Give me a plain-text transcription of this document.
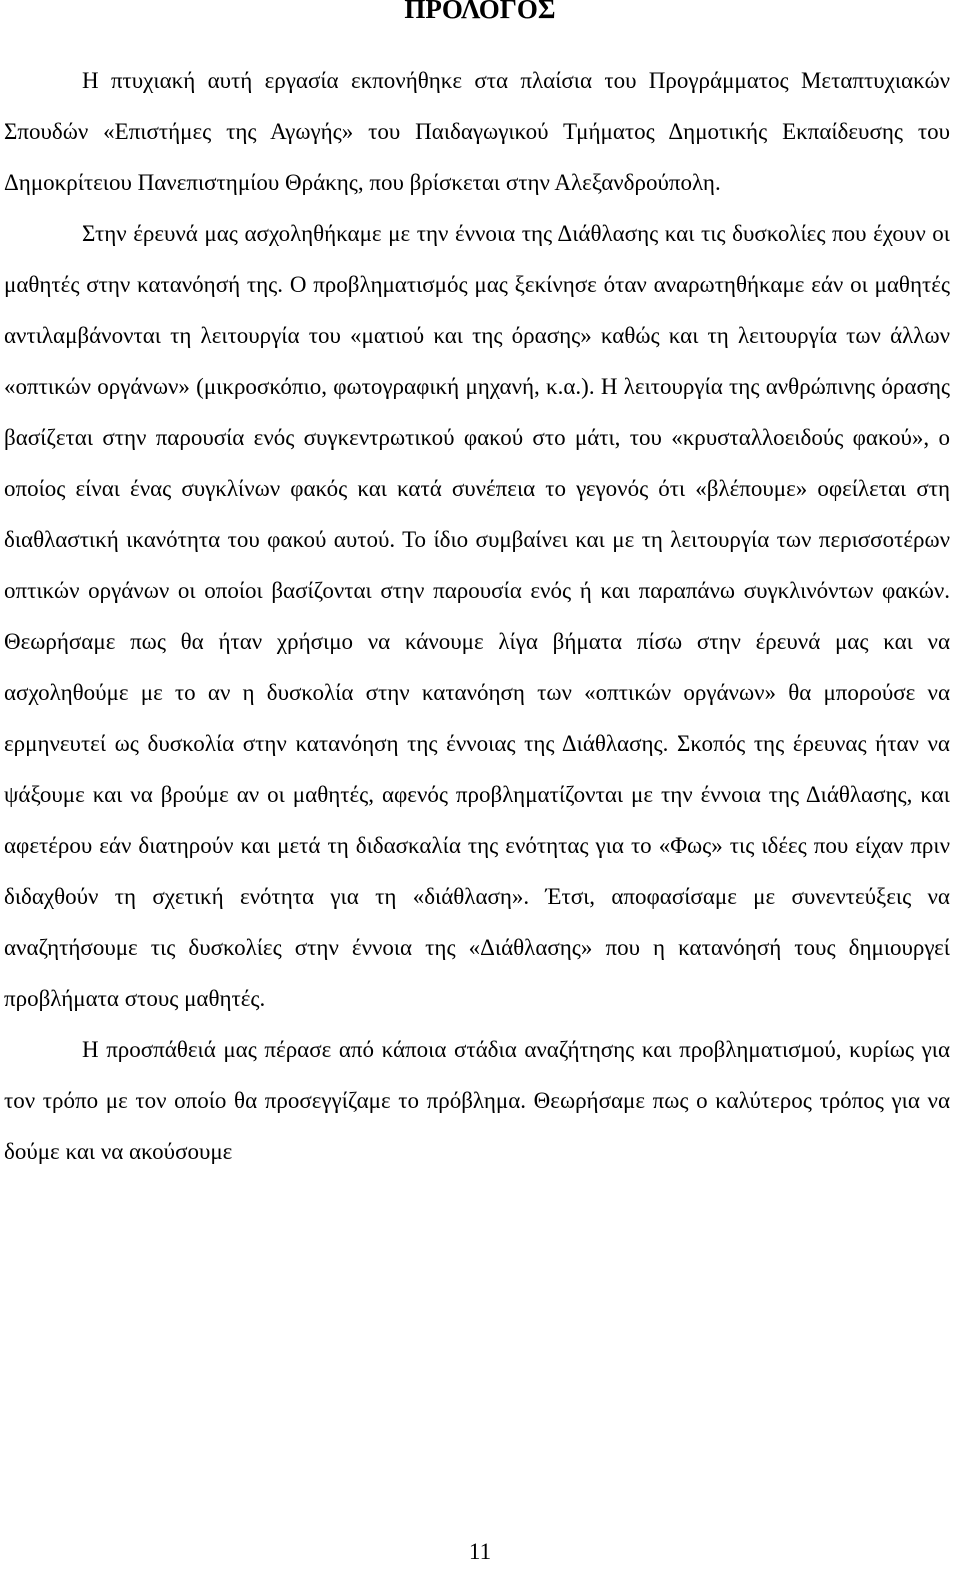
ΠΡΟΛΟΓΟΣ

Η πτυχιακή αυτή εργασία εκπονήθηκε στα πλαίσια του Προγράμματος Μεταπτυχιακών Σπουδών «Επιστήμες της Αγωγής» του Παιδαγωγικού Τμήματος Δημοτικής Εκπαίδευσης του Δημοκρίτειου Πανεπιστημίου Θράκης, που βρίσκεται στην Αλεξανδρούπολη.

Στην έρευνά μας ασχοληθήκαμε με την έννοια της Διάθλασης και τις δυσκολίες που έχουν οι μαθητές στην κατανόησή της. Ο προβληματισμός μας ξεκίνησε όταν αναρωτηθήκαμε εάν οι μαθητές αντιλαμβάνονται τη λειτουργία του «ματιού και της όρασης» καθώς και τη λειτουργία των άλλων «οπτικών οργάνων» (μικροσκόπιο, φωτογραφική μηχανή, κ.α.). Η λειτουργία της ανθρώπινης όρασης βασίζεται στην παρουσία ενός συγκεντρωτικού φακού στο μάτι, του «κρυσταλλοειδούς φακού», ο οποίος είναι ένας συγκλίνων φακός και κατά συνέπεια το γεγονός ότι «βλέπουμε» οφείλεται στη διαθλαστική ικανότητα του φακού αυτού. Το ίδιο συμβαίνει και με τη λειτουργία των περισσοτέρων οπτικών οργάνων οι οποίοι βασίζονται στην παρουσία ενός ή και παραπάνω συγκλινόντων φακών. Θεωρήσαμε πως θα ήταν χρήσιμο να κάνουμε λίγα βήματα πίσω στην έρευνά μας και να ασχοληθούμε με το αν η δυσκολία στην κατανόηση των «οπτικών οργάνων» θα μπορούσε να ερμηνευτεί ως δυσκολία στην κατανόηση της έννοιας της Διάθλασης. Σκοπός της έρευνας ήταν να ψάξουμε και να βρούμε αν οι μαθητές, αφενός προβληματίζονται με την έννοια της Διάθλασης, και αφετέρου εάν διατηρούν και μετά τη διδασκαλία της ενότητας για το «Φως» τις ιδέες που είχαν πριν διδαχθούν τη σχετική ενότητα για τη «διάθλαση». Έτσι, αποφασίσαμε με συνεντεύξεις να αναζητήσουμε τις δυσκολίες στην έννοια της «Διάθλασης» που η κατανόησή τους δημιουργεί προβλήματα στους μαθητές.

Η προσπάθειά μας πέρασε από κάποια στάδια αναζήτησης και προβληματισμού, κυρίως για τον τρόπο με τον οποίο θα προσεγγίζαμε το πρόβλημα. Θεωρήσαμε πως ο καλύτερος τρόπος για να δούμε και να ακούσουμε

11
